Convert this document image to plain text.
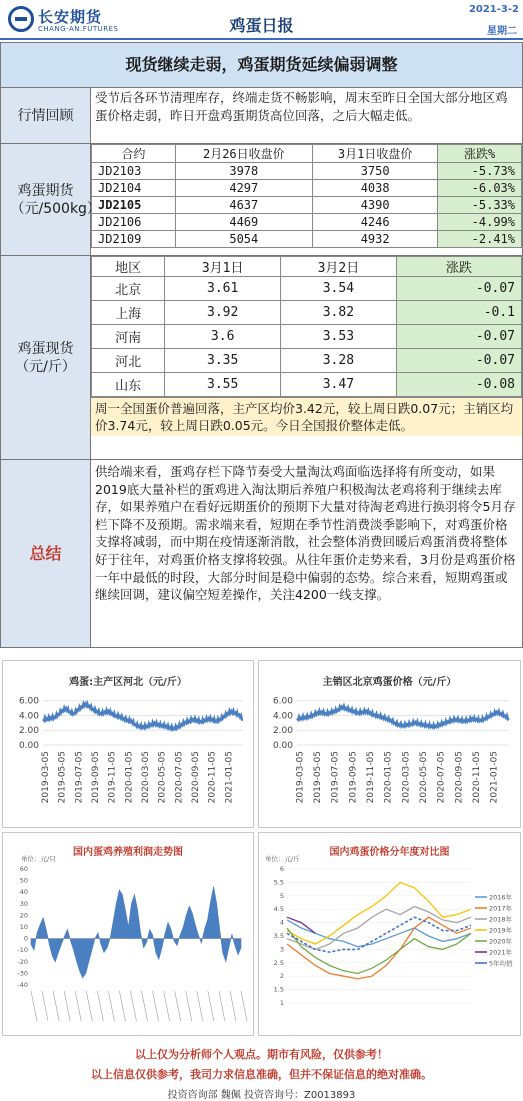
长安期货
CHANG-AN.FUTURES	鸡蛋日报
2021-3-2
星期二
现货继续走弱，鸡蛋期货延续偏弱调整
行情回顾
受节后各环节清理库存，终端走货不畅影响，周末至昨日全国大部分地区鸡蛋价格走弱，昨日开盘鸡蛋期货高位回落，之后大幅走低。
鸡蛋期货（元/500kg）
合约	2月26日收盘价	3月1日收盘价	涨跌%
JD2103	3978	3750	-5.73%
JD2104	4297	4038	-6.03%
JD2105	4637	4390	-5.33%
JD2106	4469	4246	-4.99%
JD2109	5054	4932	-2.41%
鸡蛋现货（元/斤）
地区	3月1日	3月2日	涨跌
北京	3.61	3.54	-0.07
上海	3.92	3.82	-0.1
河南	3.6	3.53	-0.07
河北	3.35	3.28	-0.07
山东	3.55	3.47	-0.08
周一全国蛋价普遍回落，主产区均价3.42元，较上周日跌0.07元；主销区均价3.74元，较上周日跌0.05元。今日全国报价整体走低。
总结
供给端来看，蛋鸡存栏下降节奏受大量淘汰鸡面临选择将有所变动，如果2019底大量补栏的蛋鸡进入淘汰期后养殖户积极淘汰老鸡将利于继续去库存，如果养殖户在看好远期蛋价的预期下大量对待淘老鸡进行换羽将令5月存栏下降不及预期。需求端来看，短期在季节性消费淡季影响下，对鸡蛋价格支撑将减弱，而中期在疫情逐渐消散，社会整体消费回暖后鸡蛋消费将整体好于往年，对鸡蛋价格支撑将较强。从往年蛋价走势来看，3月份是鸡蛋价格一年中最低的时段，大部分时间是稳中偏弱的态势。综合来看，短期鸡蛋或继续回调，建议偏空短差操作，关注4200一线支撑。
鸡蛋:主产区河北（元/斤）
6.00
4.00
2.00
0.00
2019-03-05 2019-05-05 2019-07-05 2019-09-05 2019-11-05 2020-01-05 2020-03-05 2020-05-05 2020-07-05 2020-09-05 2020-11-05 2021-01-05
主销区北京鸡蛋价格（元/斤）
6.00
4.00
2.00
0.00
2019-03-05 2019-05-05 2019-07-05 2019-09-05 2019-11-05 2020-01-05 2020-03-05 2020-05-05 2020-07-05 2020-09-05 2020-11-05 2021-01-05
国内蛋鸡养殖利润走势图
单位：元/只
60
50
40
30
20
10
0
-10
-20
-30
-40
国内鸡蛋价格分年度对比图
单位：元/斤
6
5.5
5
4.5
4
3.5
3
2.5
2
1.5
1
2016年
2017年
2018年
2019年
2020年
2021年
5年均值
以上仅为分析师个人观点。期市有风险，仅供参考！
以上信息仅供参考，我司力求信息准确，但并不保证信息的绝对准确。
投资咨询部 魏佩 投资咨询号：Z0013893
